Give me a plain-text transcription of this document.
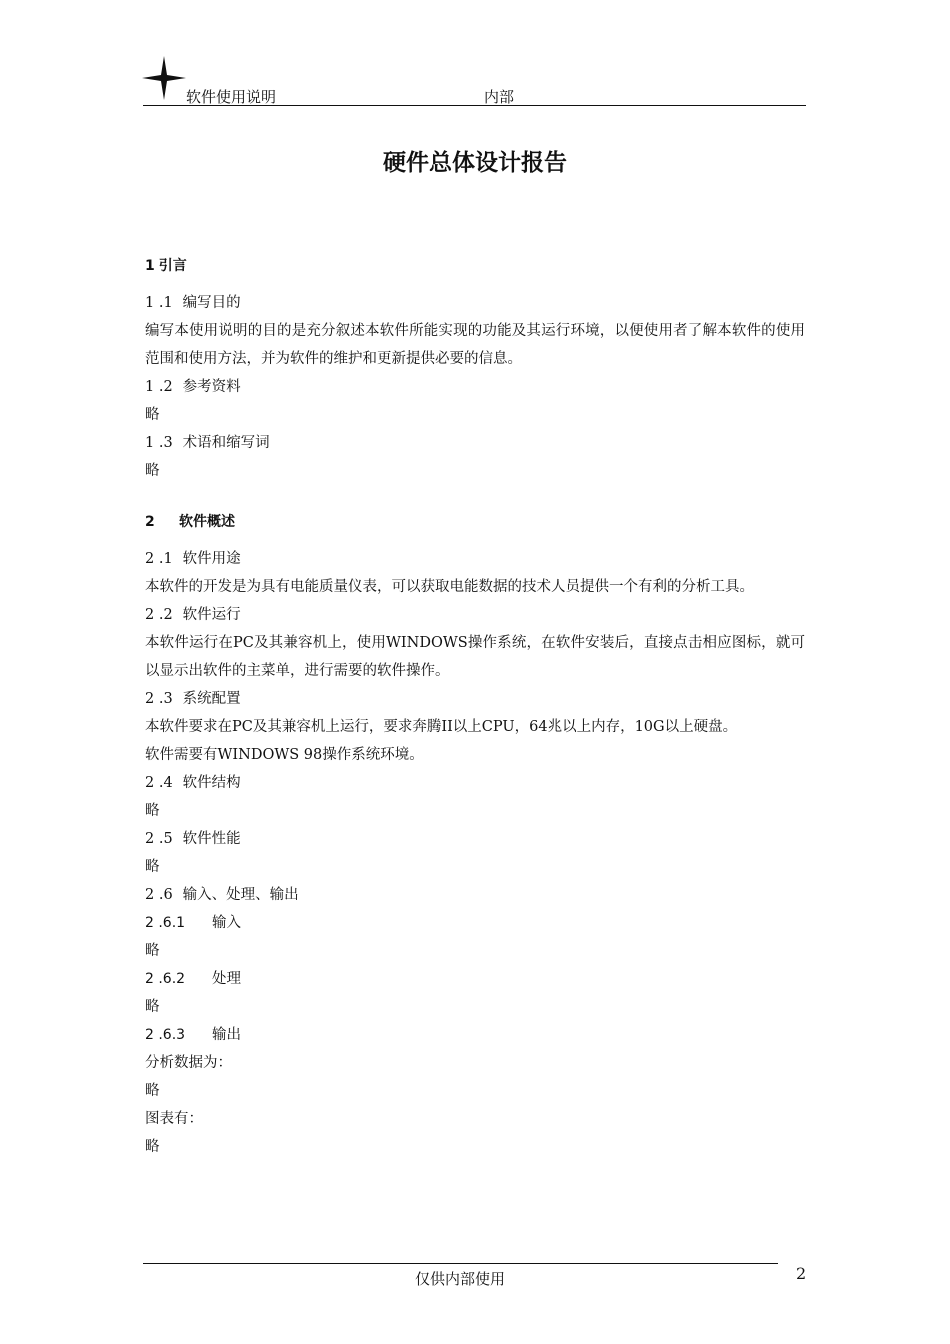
软件使用说明	内部
硬件总体设计报告
1 引言
1 .1 编写目的
编写本使用说明的目的是充分叙述本软件所能实现的功能及其运行环境，以便使用者了解本软件的使用范围和使用方法，并为软件的维护和更新提供必要的信息。
1 .2 参考资料
略
1 .3 术语和缩写词
略
2 软件概述
2 .1 软件用途
本软件的开发是为具有电能质量仪表，可以获取电能数据的技术人员提供一个有利的分析工具。
2 .2 软件运行
本软件运行在PC及其兼容机上，使用WINDOWS操作系统，在软件安装后，直接点击相应图标，就可以显示出软件的主菜单，进行需要的软件操作。
2 .3 系统配置
本软件要求在PC及其兼容机上运行，要求奔腾II以上CPU，64兆以上内存，10G以上硬盘。
软件需要有WINDOWS 98操作系统环境。
2 .4 软件结构
略
2 .5 软件性能
略
2 .6 输入、处理、输出
2 .6.1 输入
略
2 .6.2 处理
略
2 .6.3 输出
分析数据为：
略
图表有：
略
仅供内部使用	2
